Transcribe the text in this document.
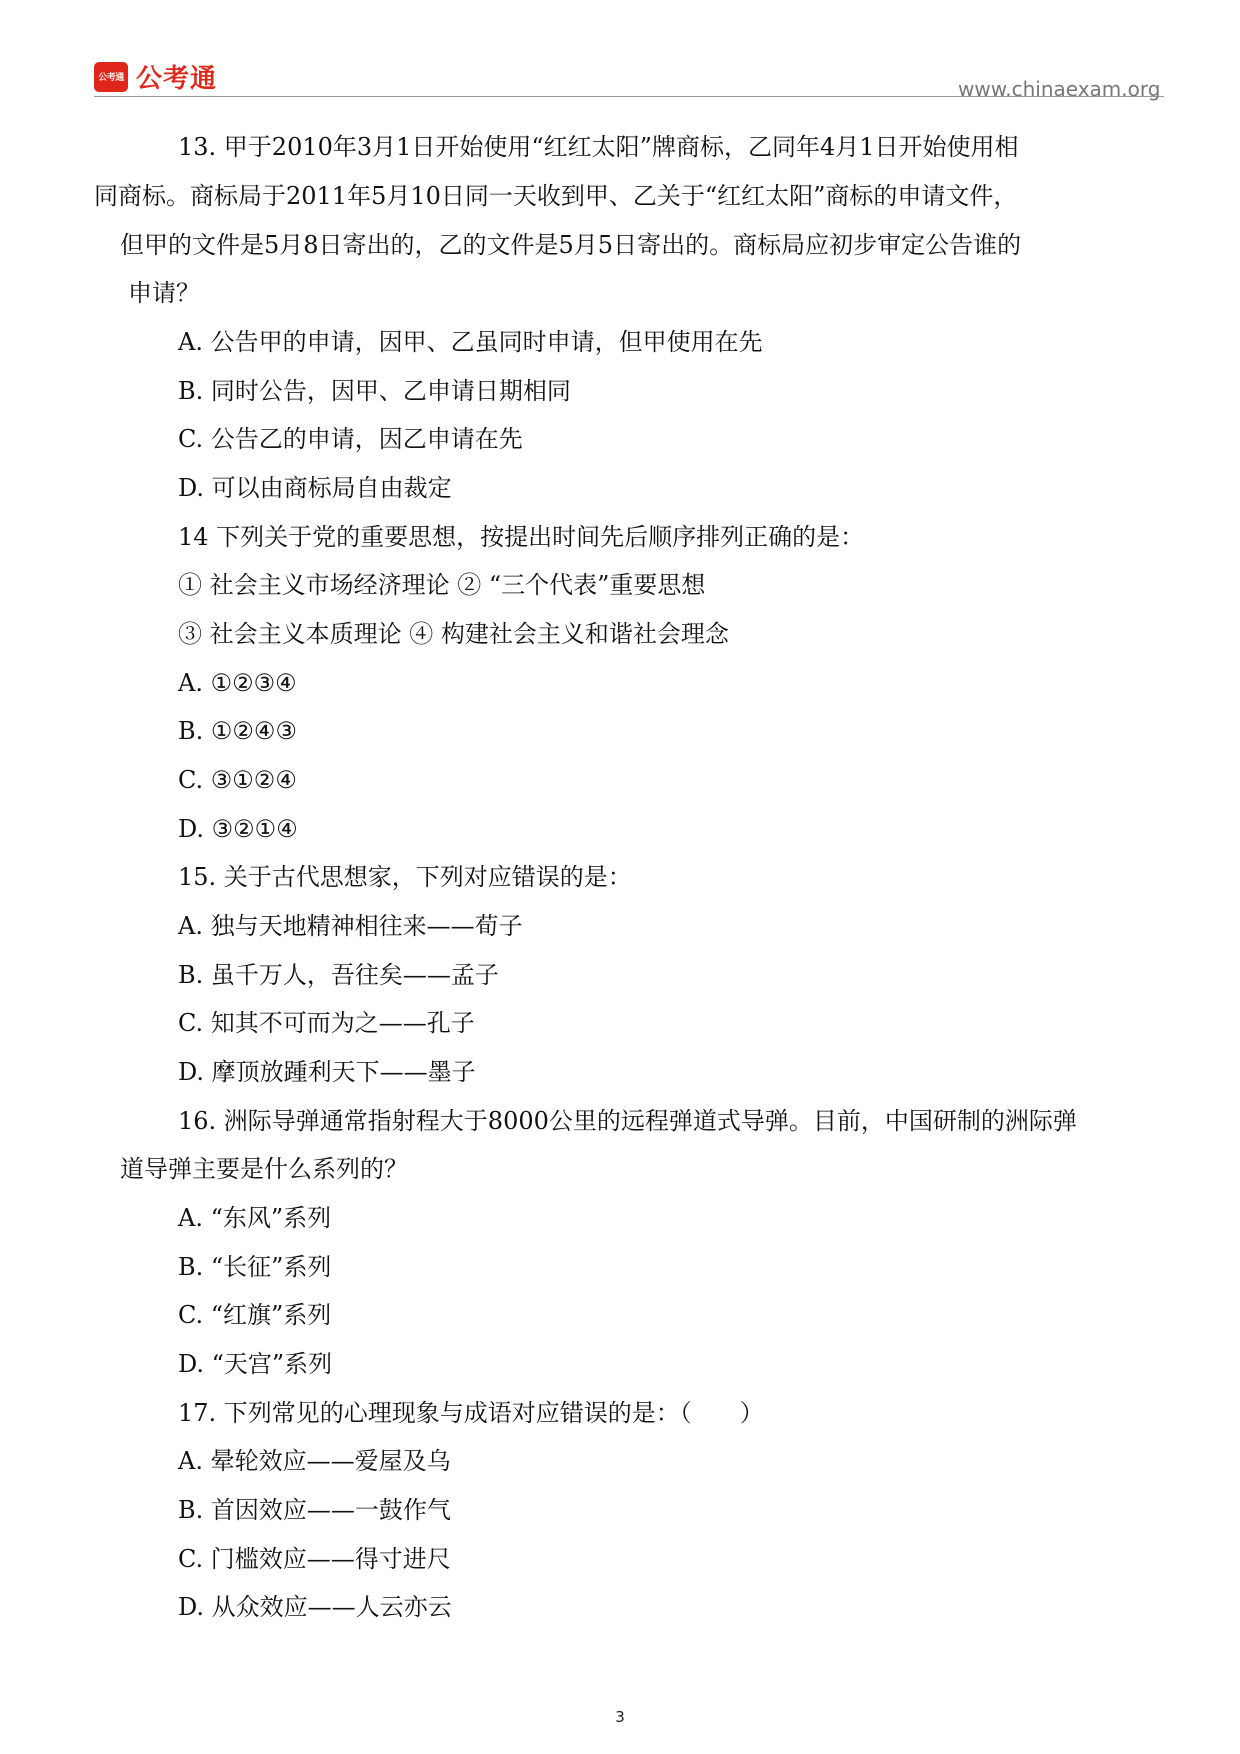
公考通 公考通	www.chinaexam.org
13. 甲于2010年3月1日开始使用“红红太阳”牌商标，乙同年4月1日开始使用相
同商标。商标局于2011年5月10日同一天收到甲、乙关于“红红太阳”商标的申请文件，
但甲的文件是5月8日寄出的，乙的文件是5月5日寄出的。商标局应初步审定公告谁的
申请？
A. 公告甲的申请，因甲、乙虽同时申请，但甲使用在先
B. 同时公告，因甲、乙申请日期相同
C. 公告乙的申请，因乙申请在先
D. 可以由商标局自由裁定
14 下列关于党的重要思想，按提出时间先后顺序排列正确的是：
① 社会主义市场经济理论 ② “三个代表”重要思想
③ 社会主义本质理论 ④ 构建社会主义和谐社会理念
A. ①②③④
B. ①②④③
C. ③①②④
D. ③②①④
15. 关于古代思想家，下列对应错误的是：
A. 独与天地精神相往来——荀子
B. 虽千万人，吾往矣——孟子
C. 知其不可而为之——孔子
D. 摩顶放踵利天下——墨子
16. 洲际导弹通常指射程大于8000公里的远程弹道式导弹。目前，中国研制的洲际弹
道导弹主要是什么系列的？
A. “东风”系列
B. “长征”系列
C. “红旗”系列
D. “天宫”系列
17. 下列常见的心理现象与成语对应错误的是：（　　）
A. 晕轮效应——爱屋及乌
B. 首因效应——一鼓作气
C. 门槛效应——得寸进尺
D. 从众效应——人云亦云
3
